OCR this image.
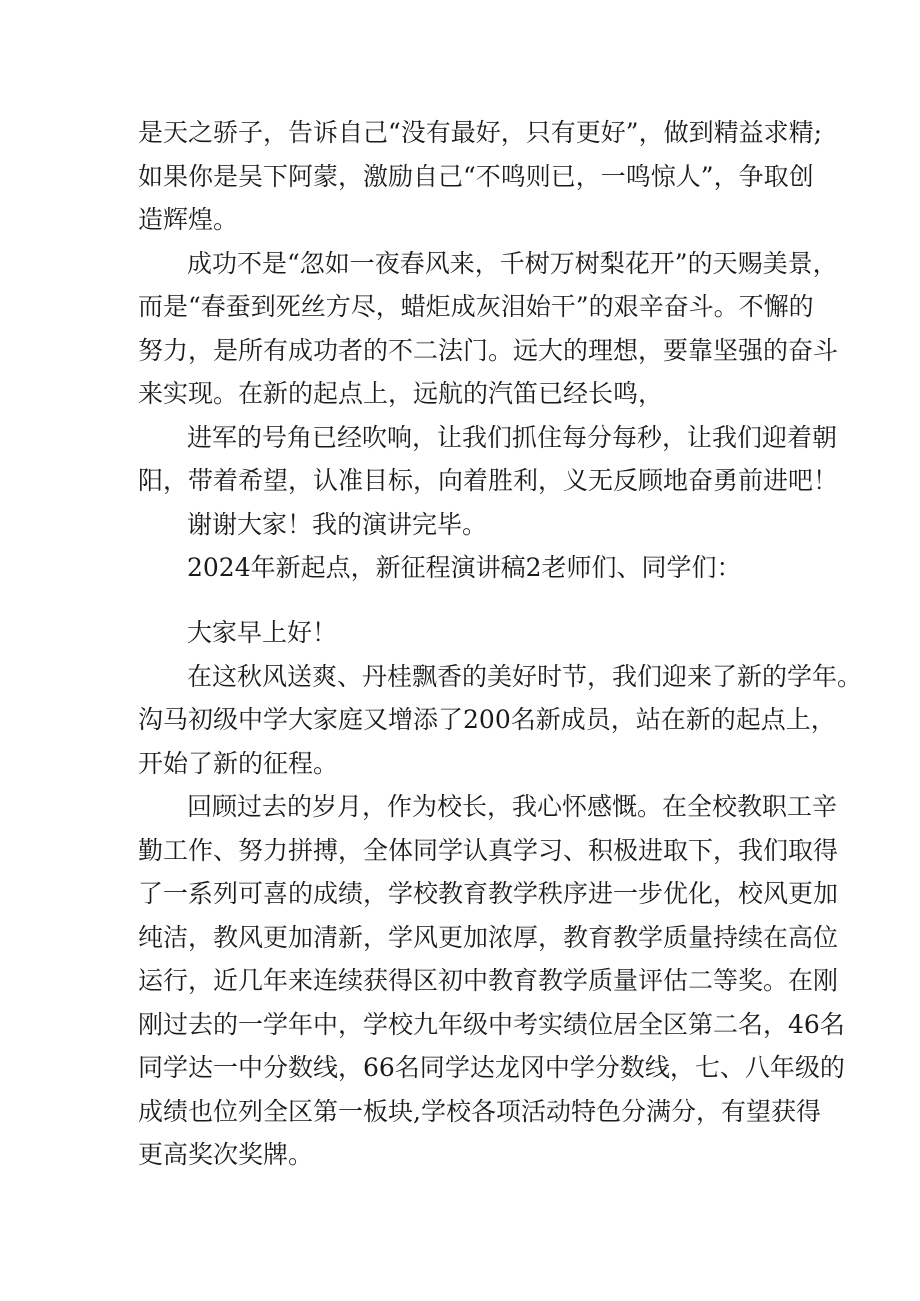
是天之骄子，告诉自己“没有最好，只有更好”，做到精益求精;
如果你是吴下阿蒙，激励自己“不鸣则已，一鸣惊人”，争取创
造辉煌。
成功不是“忽如一夜春风来，千树万树梨花开”的天赐美景，
而是“春蚕到死丝方尽，蜡炬成灰泪始干”的艰辛奋斗。不懈的
努力，是所有成功者的不二法门。远大的理想，要靠坚强的奋斗
来实现。在新的起点上，远航的汽笛已经长鸣，
进军的号角已经吹响，让我们抓住每分每秒，让我们迎着朝
阳，带着希望，认准目标，向着胜利，义无反顾地奋勇前进吧！
谢谢大家！我的演讲完毕。
2024年新起点，新征程演讲稿2老师们、同学们：
大家早上好！
在这秋风送爽、丹桂飘香的美好时节，我们迎来了新的学年。
沟马初级中学大家庭又增添了200名新成员，站在新的起点上，
开始了新的征程。
回顾过去的岁月，作为校长，我心怀感慨。在全校教职工辛
勤工作、努力拼搏，全体同学认真学习、积极进取下，我们取得
了一系列可喜的成绩，学校教育教学秩序进一步优化，校风更加
纯洁，教风更加清新，学风更加浓厚，教育教学质量持续在高位
运行，近几年来连续获得区初中教育教学质量评估二等奖。在刚
刚过去的一学年中，学校九年级中考实绩位居全区第二名，46名
同学达一中分数线，66名同学达龙冈中学分数线，七、八年级的
成绩也位列全区第一板块,学校各项活动特色分满分，有望获得
更高奖次奖牌。
